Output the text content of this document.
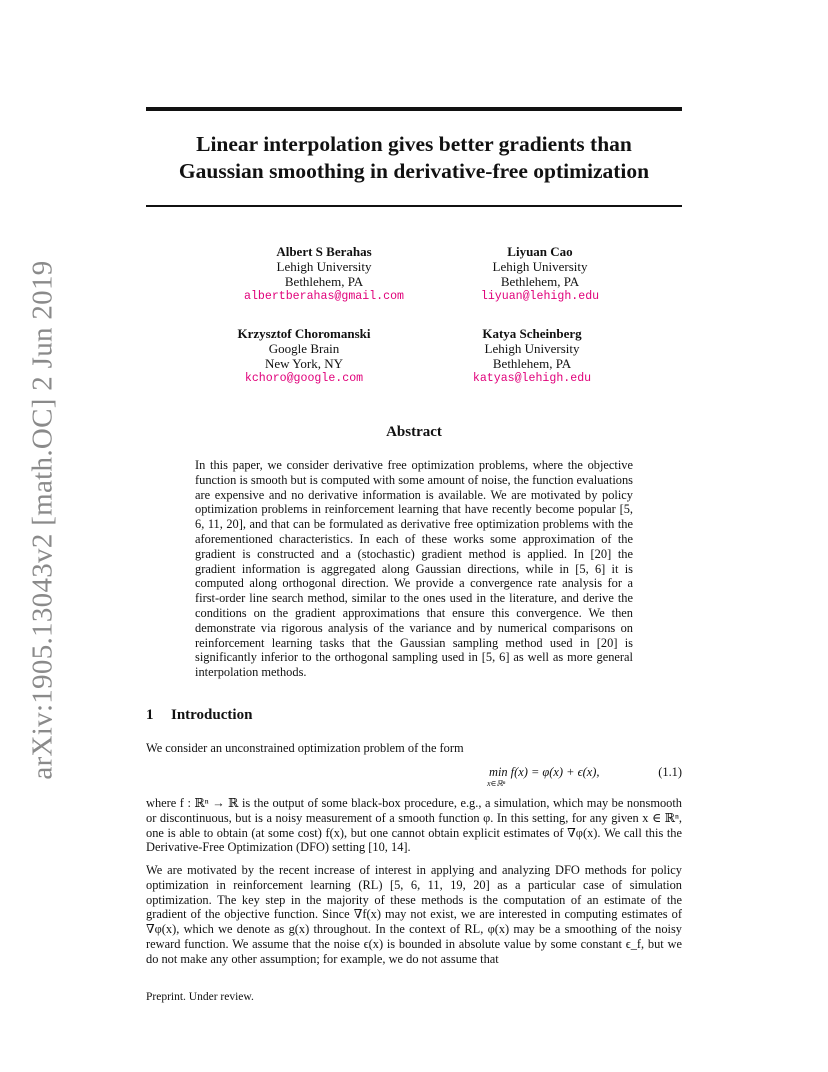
arXiv:1905.13043v2 [math.OC] 2 Jun 2019
Linear interpolation gives better gradients than
Gaussian smoothing in derivative-free optimization
Albert S Berahas
Lehigh University
Bethlehem, PA
albertberahas@gmail.com
Liyuan Cao
Lehigh University
Bethlehem, PA
liyuan@lehigh.edu
Krzysztof Choromanski
Google Brain
New York, NY
kchoro@google.com
Katya Scheinberg
Lehigh University
Bethlehem, PA
katyas@lehigh.edu
Abstract

In this paper, we consider derivative free optimization problems, where the objective function is smooth but is computed with some amount of noise, the function evaluations are expensive and no derivative information is available. We are motivated by policy optimization problems in reinforcement learning that have recently become popular [5, 6, 11, 20], and that can be formulated as derivative free optimization problems with the aforementioned characteristics. In each of these works some approximation of the gradient is constructed and a (stochastic) gradient method is applied. In [20] the gradient information is aggregated along Gaussian directions, while in [5, 6] it is computed along orthogonal direction. We provide a convergence rate analysis for a first-order line search method, similar to the ones used in the literature, and derive the conditions on the gradient approximations that ensure this convergence. We then demonstrate via rigorous analysis of the variance and by numerical comparisons on reinforcement learning tasks that the Gaussian sampling method used in [20] is significantly inferior to the orthogonal sampling used in [5, 6] as well as more general interpolation methods.

1 Introduction

We consider an unconstrained optimization problem of the form

min f(x) = φ(x) + ϵ(x),
x∈ℝⁿ
(1.1)

where f : ℝⁿ → ℝ is the output of some black-box procedure, e.g., a simulation, which may be nonsmooth or discontinuous, but is a noisy measurement of a smooth function φ. In this setting, for any given x ∈ ℝⁿ, one is able to obtain (at some cost) f(x), but one cannot obtain explicit estimates of ∇φ(x). We call this the Derivative-Free Optimization (DFO) setting [10, 14].

We are motivated by the recent increase of interest in applying and analyzing DFO methods for policy optimization in reinforcement learning (RL) [5, 6, 11, 19, 20] as a particular case of simulation optimization. The key step in the majority of these methods is the computation of an estimate of the gradient of the objective function. Since ∇f(x) may not exist, we are interested in computing estimates of ∇φ(x), which we denote as g(x) throughout. In the context of RL, φ(x) may be a smoothing of the noisy reward function. We assume that the noise ϵ(x) is bounded in absolute value by some constant ϵ_f, but we do not make any other assumption; for example, we do not assume that

Preprint. Under review.
